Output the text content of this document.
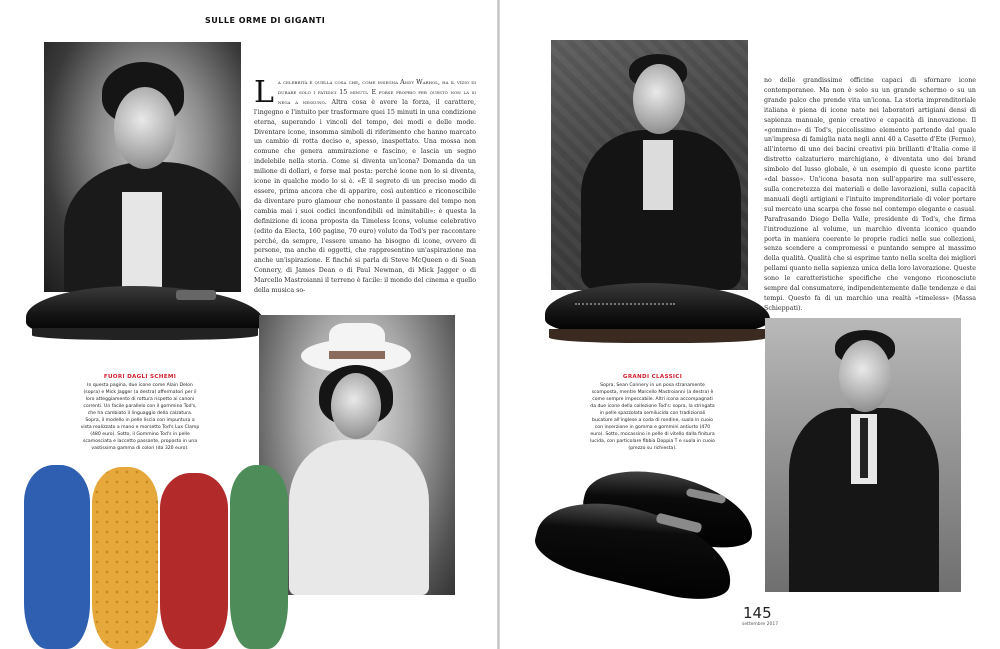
SULLE ORME DI GIGANTI
L a celebrità è quella cosa che, come insegna Andy Warhol, ha il vizio di durare solo i fatidici 15 minuti. E forse proprio per questo non la si nega a nessuno. Altra cosa è avere la forza, il carattere, l'ingegno e l'intuito per trasformare quei 15 minuti in una condizione eterna, superando i vincoli del tempo, dei modi e delle mode. Diventare icone, insomma simboli di riferimento che hanno marcato un cambio di rotta deciso e, spesso, inaspettato. Una mossa non comune che genera ammirazione e fascino, e lascia un segno indelebile nella storia. Come si diventa un'icona? Domanda da un milione di dollari, e forse mal posta: perché icone non lo si diventa, icone in qualche modo lo si è. «È il segreto di un preciso modo di essere, prima ancora che di apparire, così autentico e riconoscibile da diventare puro glamour che nonostante il passare del tempo non cambia mai i suoi codici inconfondibili ed inimitabili»: è questa la definizione di icona proposta da Timeless Icons, volume celebrativo (edito da Electa, 160 pagine, 70 euro) voluto da Tod's per raccontare perché, da sempre, l'essere umano ha bisogno di icone, ovvero di persone, ma anche di oggetti, che rappresentino un'aspirazione ma anche un'ispirazione. E finché si parla di Steve McQueen o di Sean Connery, di James Dean o di Paul Newman, di Mick Jagger o di Marcello Mastroianni il terreno è facile: il mondo del cinema e quello della musica so-
FUORI DAGLI SCHEMI
In questa pagina, due icone come Alain Delon (sopra) e Mick Jagger (a destra) affermatori per il loro atteggiamento di rottura rispetto ai canoni correnti. Un facile parallelo con il gommino Tod's, che ha cambiato il linguaggio della calzatura. Sopra, il modello in pelle liscia con impuntura a vista realizzato a mano e morsetto Tod's Lux Clamp (480 euro). Sotto, il Gommino Tod's in pelle scamosciata e laccetto passante, proposto in una vastissima gamma di colori (da 320 euro).
no delle grandissime officine capaci di sfornare icone contemporanee. Ma non è solo su un grande schermo o su un grande palco che prende vita un'icona. La storia imprenditoriale italiana è piena di icone nate nei laboratori artigiani densi di sapienza manuale, genio creativo e capacità di innovazione. Il «gommino» di Tod's, piccolissimo elemento partendo dal quale un'impresa di famiglia nata negli anni 40 a Casette d'Ete (Fermo), all'interno di uno dei bacini creativi più brillanti d'Italia come il distretto calzaturiero marchigiano, è diventata uno dei brand simbolo del lusso globale, è un esempio di queste icone partite «dal basso». Un'icona basata non sull'apparire ma sull'essere, sulla concretezza dei materiali e delle lavorazioni, sulla capacità manuali degli artigiani e l'intuito imprenditoriale di voler portare sul mercato una scarpa che fosse nel contempo elegante e casual. Parafrasando Diego Della Valle, presidente di Tod's, che firma l'introduzione al volume, un marchio diventa iconico quando porta in maniera coerente le proprie radici nelle sue collezioni, senza scendere a compromessi e puntando sempre al massimo della qualità. Qualità che si esprime tanto nella scelta dei migliori pellami quanto nella sapienza unica della loro lavorazione. Queste sono le caratteristiche specifiche che vengono riconosciute sempre dal consumatore, indipendentemente dalle tendenze e dai tempi. Questo fa di un marchio una realtà «timeless» (Massa Schieppati).
GRANDI CLASSICI
Sopra, Sean Connery in un posa stranamente scomposta, mentre Marcello Mastroianni (a destra) è come sempre impeccabile. Altri icona accompagnati da due icone della collezione Tod's: sopra, la stringata in pelle spazzolata semilucida con tradizionali bucature all'inglese a coda di rondine, suola in cuoio con inserzione in gomma e gommini antiurto (470 euro). Sotto, mocassino in pelle di vitello dalla finitura lucida, con particolare fibbia Doppia T e suola in cuoio (prezzo su richiesta).
145
settembre 2017
